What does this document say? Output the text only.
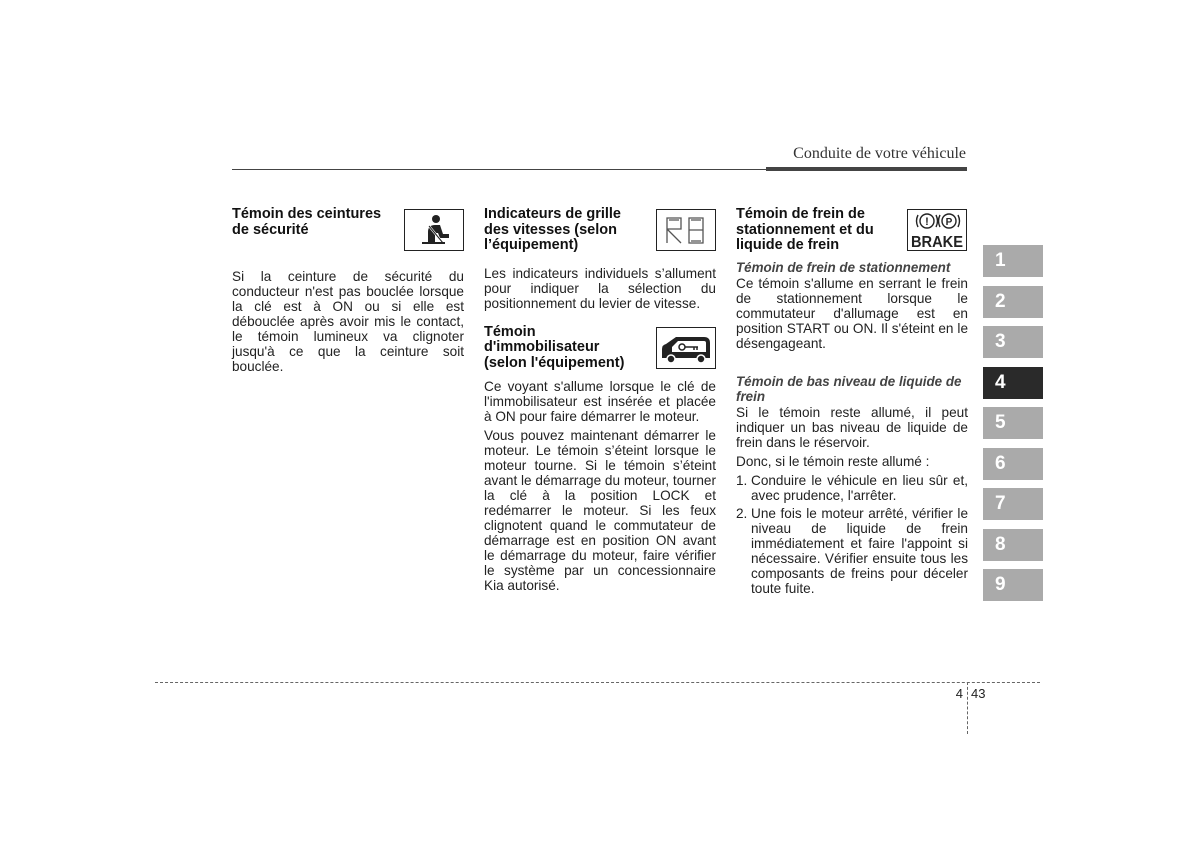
Conduite de votre véhicule
Témoin des ceintures de sécurité

Si la ceinture de sécurité du conducteur n'est pas bouclée lorsque la clé est à ON ou si elle est débouclée après avoir mis le contact, le témoin lumineux va clignoter jusqu'à ce que la ceinture soit bouclée.

Indicateurs de grille des vitesses (selon l’équipement)

Les indicateurs individuels s’allument pour indiquer la sélection du positionnement du levier de vitesse.

Témoin d'immobilisateur (selon l'équipement)

Ce voyant s'allume lorsque le clé de l'immobilisateur est insérée et placée à ON pour faire démarrer le moteur.

Vous pouvez maintenant démarrer le moteur. Le témoin s’éteint lorsque le moteur tourne. Si le témoin s’éteint avant le démarrage du moteur, tourner la clé à la position LOCK et redémarrer le moteur. Si les feux clignotent quand le commutateur de démarrage est en position ON avant le démarrage du moteur, faire vérifier le système par un concessionnaire Kia autorisé.

Témoin de frein de stationnement et du liquide de frein
Témoin de frein de stationnement

Ce témoin s'allume en serrant le frein de stationnement lorsque le commutateur d'allumage est en position START ou ON. Il s'éteint en le désengageant.

Témoin de bas niveau de liquide de frein

Si le témoin reste allumé, il peut indiquer un bas niveau de liquide de frein dans le réservoir.

Donc, si le témoin reste allumé :

1. Conduire le véhicule en lieu sûr et, avec prudence, l'arrêter.
2. Une fois le moteur arrêté, vérifier le niveau de liquide de frein immédiatement et faire l'appoint si nécessaire. Vérifier ensuite tous les composants de freins pour déceler toute fuite.
! P
BRAKE
1
2
3
4
5
6
7
8
9
4 43
